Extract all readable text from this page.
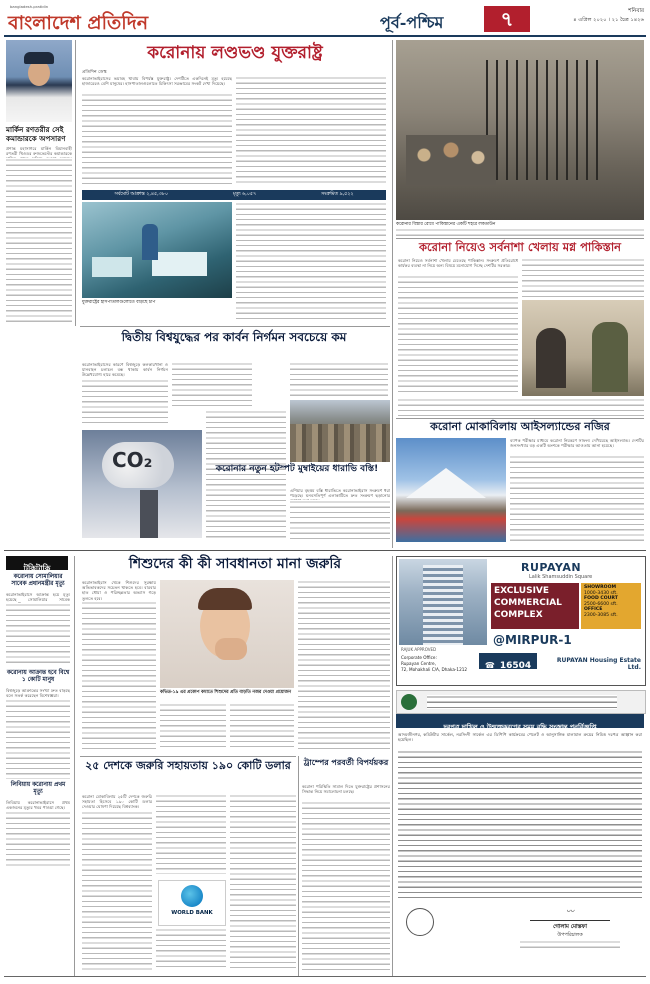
bangladesh-pratidin
বাংলাদেশ প্রতিদিন	পূর্ব-পশ্চিম	৭	শনিবার
৪ এপ্রিল ২০২০ । ২১ চৈত্র ১৪২৬
মার্কিন রণতরীর সেই কমান্ডারকে অপসারণ
প্রশান্ত মহাসাগরে মার্কিন বিমানবাহী রণতরী থিওডর রুজভেল্টের কমান্ডারকে
করোনায় লণ্ডভণ্ড যুক্তরাষ্ট্র
প্রতিদিন ডেস্ক
করোনাভাইরাসের ভয়াবহ থাবায় বিপর্যস্ত যুক্তরাষ্ট্র। দেশটিতে একদিনেই মৃত্যু হয়েছে হাজারেরও বেশি মানুষের। হাসপাতালগুলোতে চিকিৎসা সরঞ্জামের সংকট দেখা দিয়েছে।
সর্বমোট আক্রান্ত ২,৪৫,৩৮০	মৃত্যু ৬,০৫৭	সংক্রমিত ৯,৫২২
যুক্তরাষ্ট্রের হাসপাতালগুলোতে বাড়ছে চাপ
করোনার বিস্তার রোধে পাকিস্তানের একটি শহরে লকডাউন
করোনা নিয়েও সর্বনাশা খেলায় মগ্ন পাকিস্তান
করোনা নিয়েও সর্বনাশা খেলায় মেতেছে পাকিস্তান। সংক্রমণ প্রতিরোধে কার্যকর ব্যবস্থা না নিয়ে অন্য বিষয়ে মনোযোগ দিচ্ছে দেশটির সরকার।
দ্বিতীয় বিশ্বযুদ্ধের পর কার্বন নির্গমন সবচেয়ে কম
করোনাভাইরাসের কারণে বিশ্বজুড়ে কলকারখানা ও যানবাহন চলাচল বন্ধ থাকায় কার্বন নির্গমন উল্লেখযোগ্য হারে কমেছে।
CO₂	করোনার নতুন হটস্পট মুম্বাইয়ের ধারাভি বস্তি!
এশিয়ার বৃহত্তম বস্তি ধারাভিতে করোনাভাইরাস সংক্রমণ ধরা পড়েছে। ঘনবসতিপূর্ণ এলাকাটিতে দ্রুত সংক্রমণ ছড়ানোর
করোনা মোকাবিলায় আইসল্যান্ডের নজির
ব্যাপক পরীক্ষার মাধ্যমে করোনা নিয়ন্ত্রণে সাফল্য দেখিয়েছে আইসল্যান্ড। দেশটির জনসংখ্যার বড় একটি অংশকে পরীক্ষার আওতায় আনা হয়েছে।
টুকিটাকি
করোনায় সোমালিয়ার সাবেক প্রধানমন্ত্রীর মৃত্যু
করোনাভাইরাসে আক্রান্ত হয়ে মৃত্যু হয়েছে সোমালিয়ার সাবেক
করোনায় আক্রান্ত হবে বিশ্বে ১ কোটি মানুষ
বিশ্বজুড়ে আক্রান্তের সংখ্যা দ্রুত বাড়ছে বলে সতর্ক করেছেন বিশেষজ্ঞরা।
লিবিয়ায় করোনায় প্রথম মৃত্যু
লিবিয়ায় করোনাভাইরাসে প্রথম একজনের মৃত্যুর খবর পাওয়া গেছে।
শিশুদের কী কী সাবধানতা মানা জরুরি
করোনাভাইরাস থেকে শিশুদের সুরক্ষায় অভিভাবকদের সচেতন থাকতে হবে। বারবার হাত ধোয়া ও পরিচ্ছন্নতার অভ্যাস গড়ে তুলতে হবে।
কভিড-১৯ এর প্রকোপ কমাতে শিশুদের প্রতি বাড়তি নজর দেওয়া প্রয়োজন
২৫ দেশকে জরুরি সহায়তায় ১৯০ কোটি ডলার
করোনা মোকাবিলায় ২৫টি দেশকে জরুরি সহায়তা হিসেবে ১৯০ কোটি ডলার দেওয়ার ঘোষণা দিয়েছে বিশ্বব্যাংক।
WORLD BANK
ট্রাম্পের পরবর্তী বিপর্যয়কর
করোনা পরিস্থিতি সামাল দিতে যুক্তরাষ্ট্রের প্রশাসনের সিদ্ধান্ত নিয়ে সমালোচনা চলছে।
RUPAYAN
Lalik Shamsuddin Square
EXCLUSIVE
COMMERCIAL
COMPLEX
SHOWROOM
1000-3430 sft.
FOOD COURT
2500-6600 sft.
OFFICE
2300-3085 sft.
@MIRPUR-1
RAJUK APPROVED
Corporate Office:
Rupayan Centre,
72, Mohakhali C/A, Dhaka-1212	☎ 16504
RUPAYAN Housing Estate Ltd.
দরপত্র দাখিল ও উন্মুক্তকরণের সময় বৃদ্ধি সংক্রান্ত পুনর্বিজ্ঞপ্তি
আদমজীনগর, কমিউটার সার্কেল, নরসিংদী সার্কেল এর ডিপিপি কার্যক্রমের পেলেট ও আনুসাঙ্গিক মালামাল ক্রয়ের নিমিত্ত দরপত্র আহ্বান করা হয়েছিল।
〰︎
গোলাম মোস্তফা
উপপরিচালক
